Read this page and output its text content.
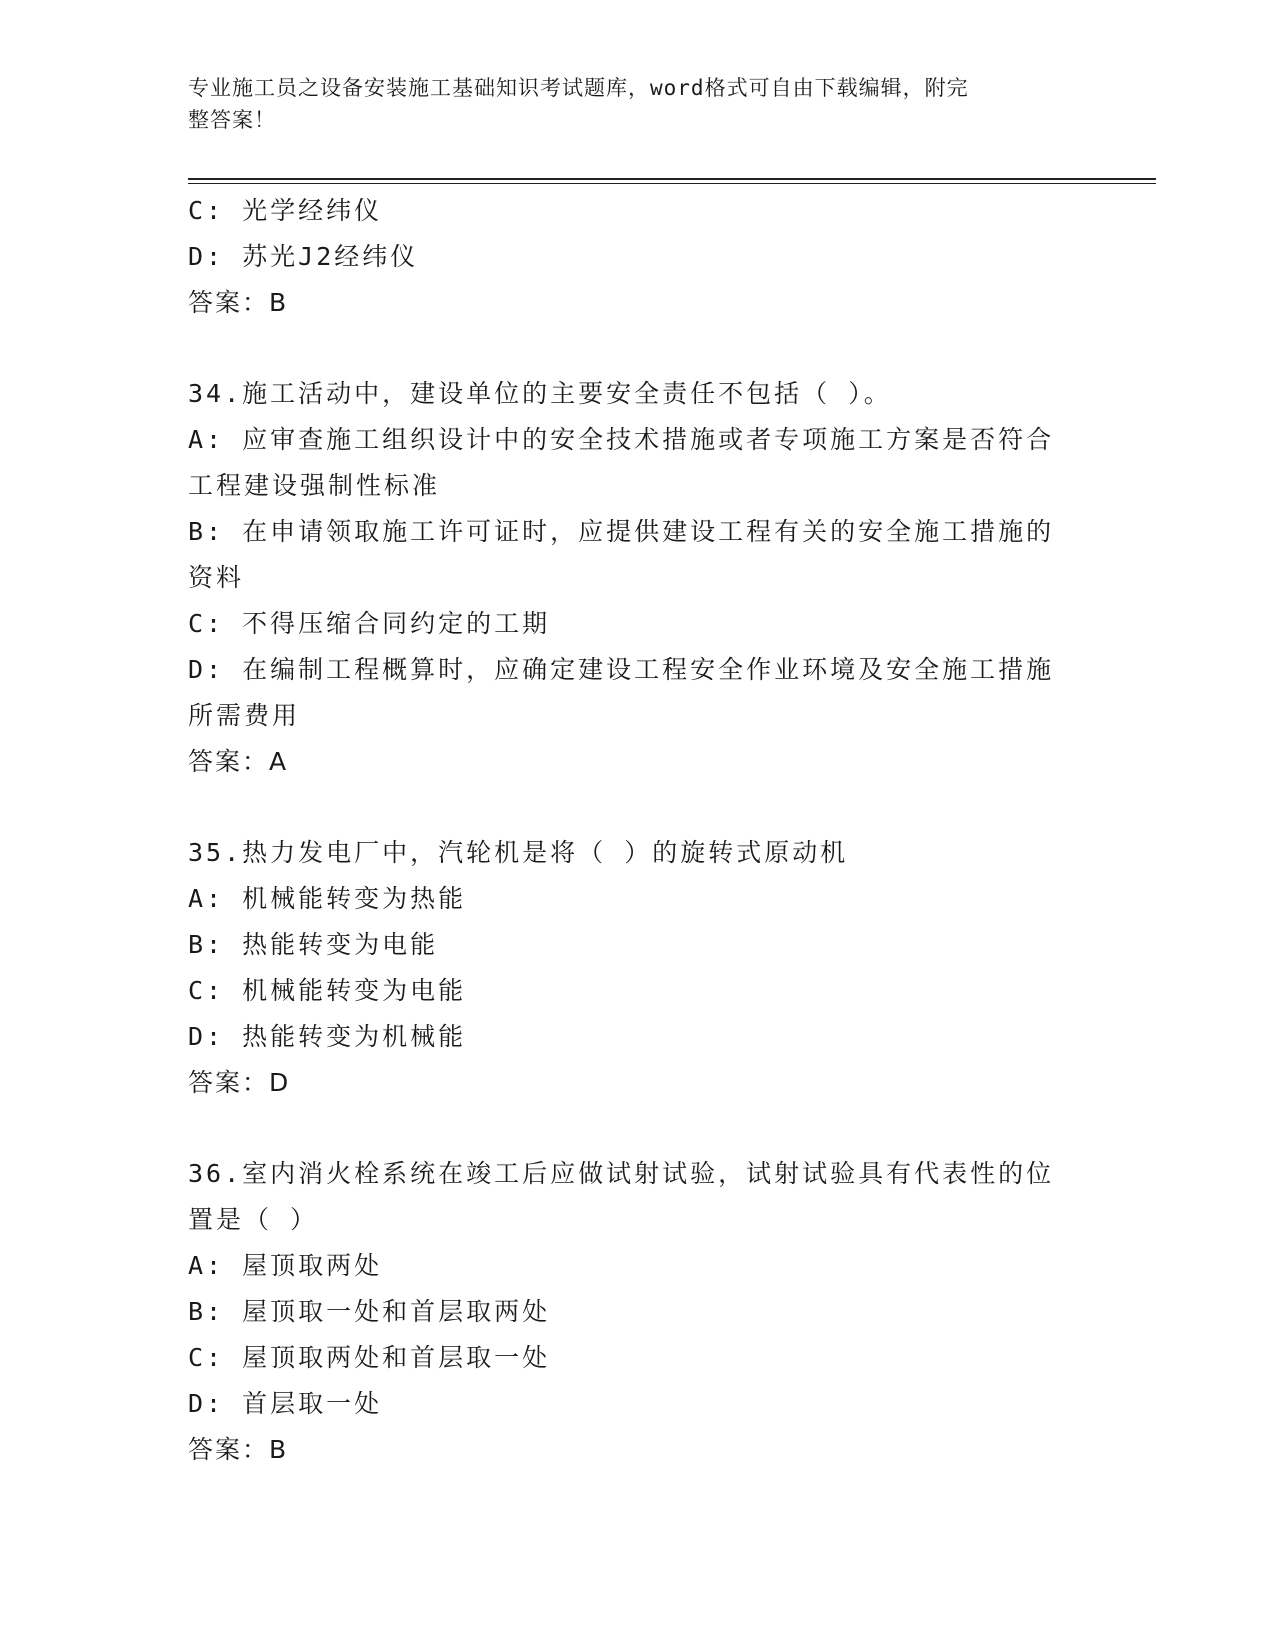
专业施工员之设备安装施工基础知识考试题库，word格式可自由下载编辑，附完
整答案！
C: 光学经纬仪
D: 苏光J2经纬仪
答案：B
34.施工活动中，建设单位的主要安全责任不包括（ ）。
A: 应审查施工组织设计中的安全技术措施或者专项施工方案是否符合
工程建设强制性标准
B: 在申请领取施工许可证时，应提供建设工程有关的安全施工措施的
资料
C: 不得压缩合同约定的工期
D: 在编制工程概算时，应确定建设工程安全作业环境及安全施工措施
所需费用
答案：A
35.热力发电厂中，汽轮机是将（ ）的旋转式原动机
A: 机械能转变为热能
B: 热能转变为电能
C: 机械能转变为电能
D: 热能转变为机械能
答案：D
36.室内消火栓系统在竣工后应做试射试验，试射试验具有代表性的位
置是（ ）
A: 屋顶取两处
B: 屋顶取一处和首层取两处
C: 屋顶取两处和首层取一处
D: 首层取一处
答案：B
